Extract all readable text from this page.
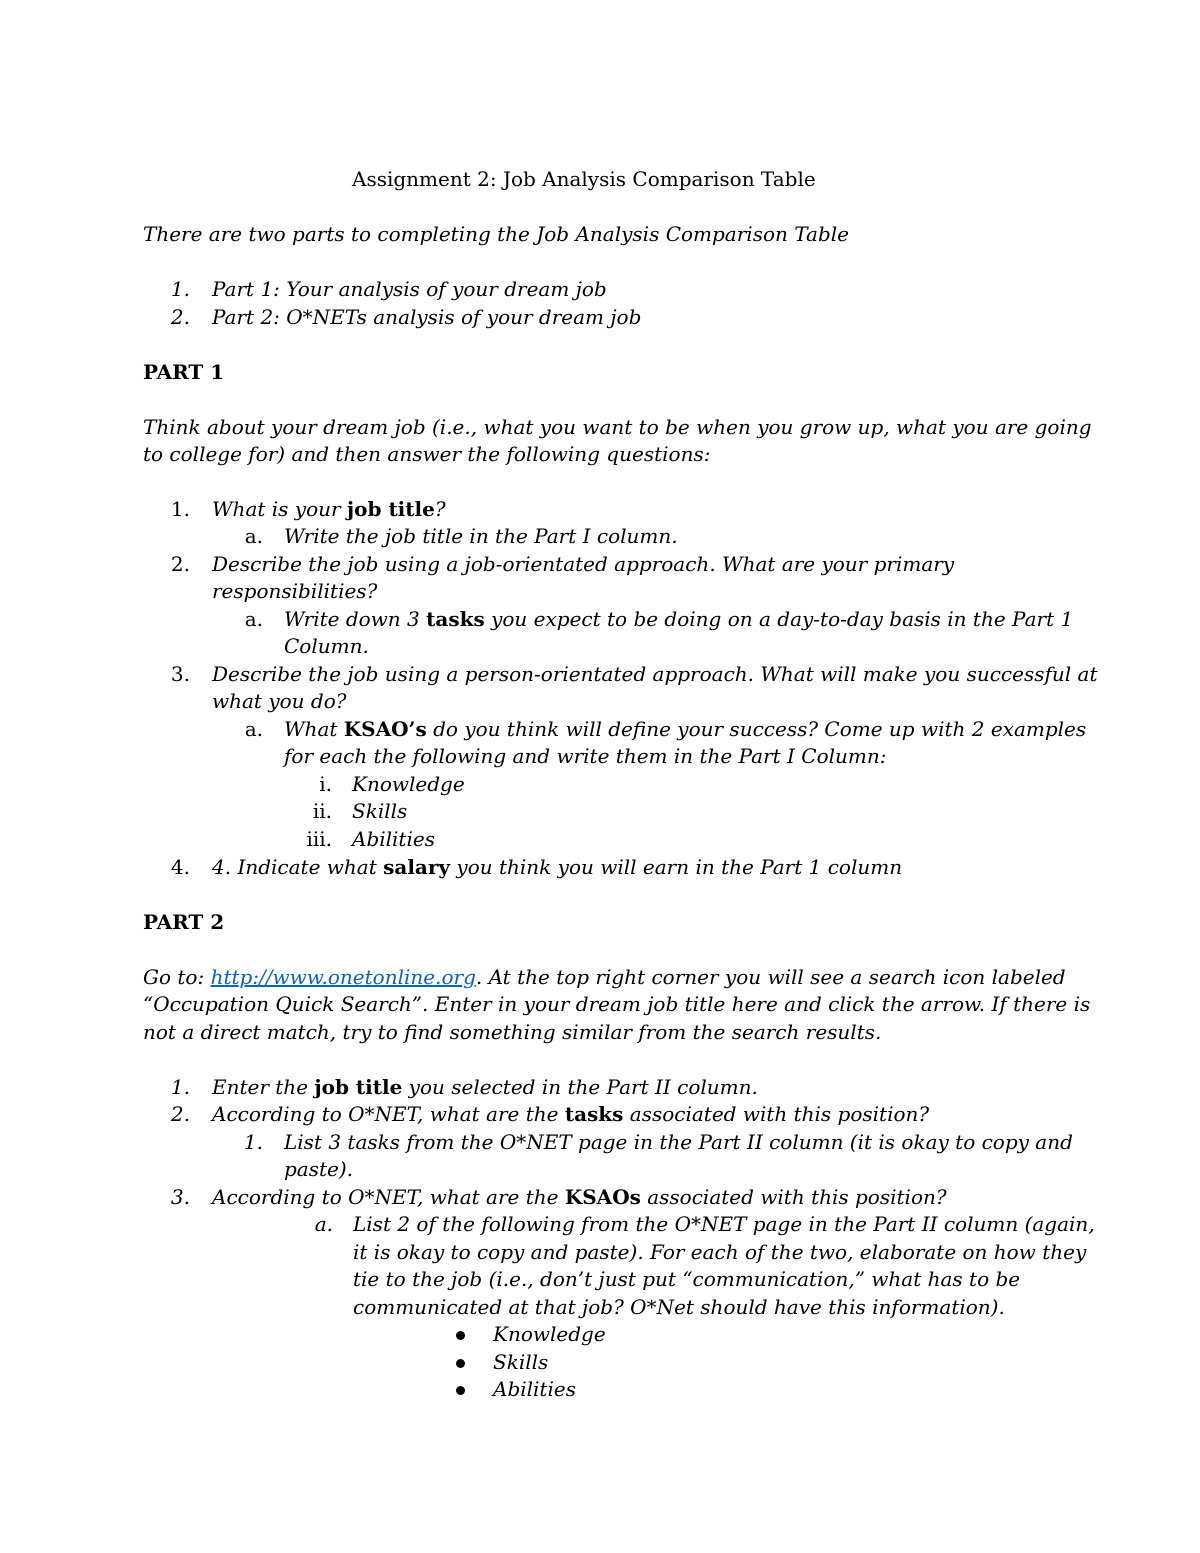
Assignment 2: Job Analysis Comparison Table
There are two parts to completing the Job Analysis Comparison Table
1. Part 1: Your analysis of your dream job
2. Part 2: O*NETs analysis of your dream job
PART 1
Think about your dream job (i.e., what you want to be when you grow up, what you are going
to college for) and then answer the following questions:
1. What is your job title?
a. Write the job title in the Part I column.
2. Describe the job using a job-orientated approach. What are your primary
responsibilities?
a. Write down 3 tasks you expect to be doing on a day-to-day basis in the Part 1
Column.
3. Describe the job using a person-orientated approach. What will make you successful at
what you do?
a. What KSAO’s do you think will define your success? Come up with 2 examples
for each the following and write them in the Part I Column:
i. Knowledge
ii. Skills
iii. Abilities
4. 4. Indicate what salary you think you will earn in the Part 1 column
PART 2
Go to: http://www.onetonline.org. At the top right corner you will see a search icon labeled
“Occupation Quick Search”. Enter in your dream job title here and click the arrow. If there is
not a direct match, try to find something similar from the search results.
1. Enter the job title you selected in the Part II column.
2. According to O*NET, what are the tasks associated with this position?
1. List 3 tasks from the O*NET page in the Part II column (it is okay to copy and
paste).
3. According to O*NET, what are the KSAOs associated with this position?
a. List 2 of the following from the O*NET page in the Part II column (again,
it is okay to copy and paste). For each of the two, elaborate on how they
tie to the job (i.e., don’t just put “communication,” what has to be
communicated at that job? O*Net should have this information).
Knowledge
Skills
Abilities
